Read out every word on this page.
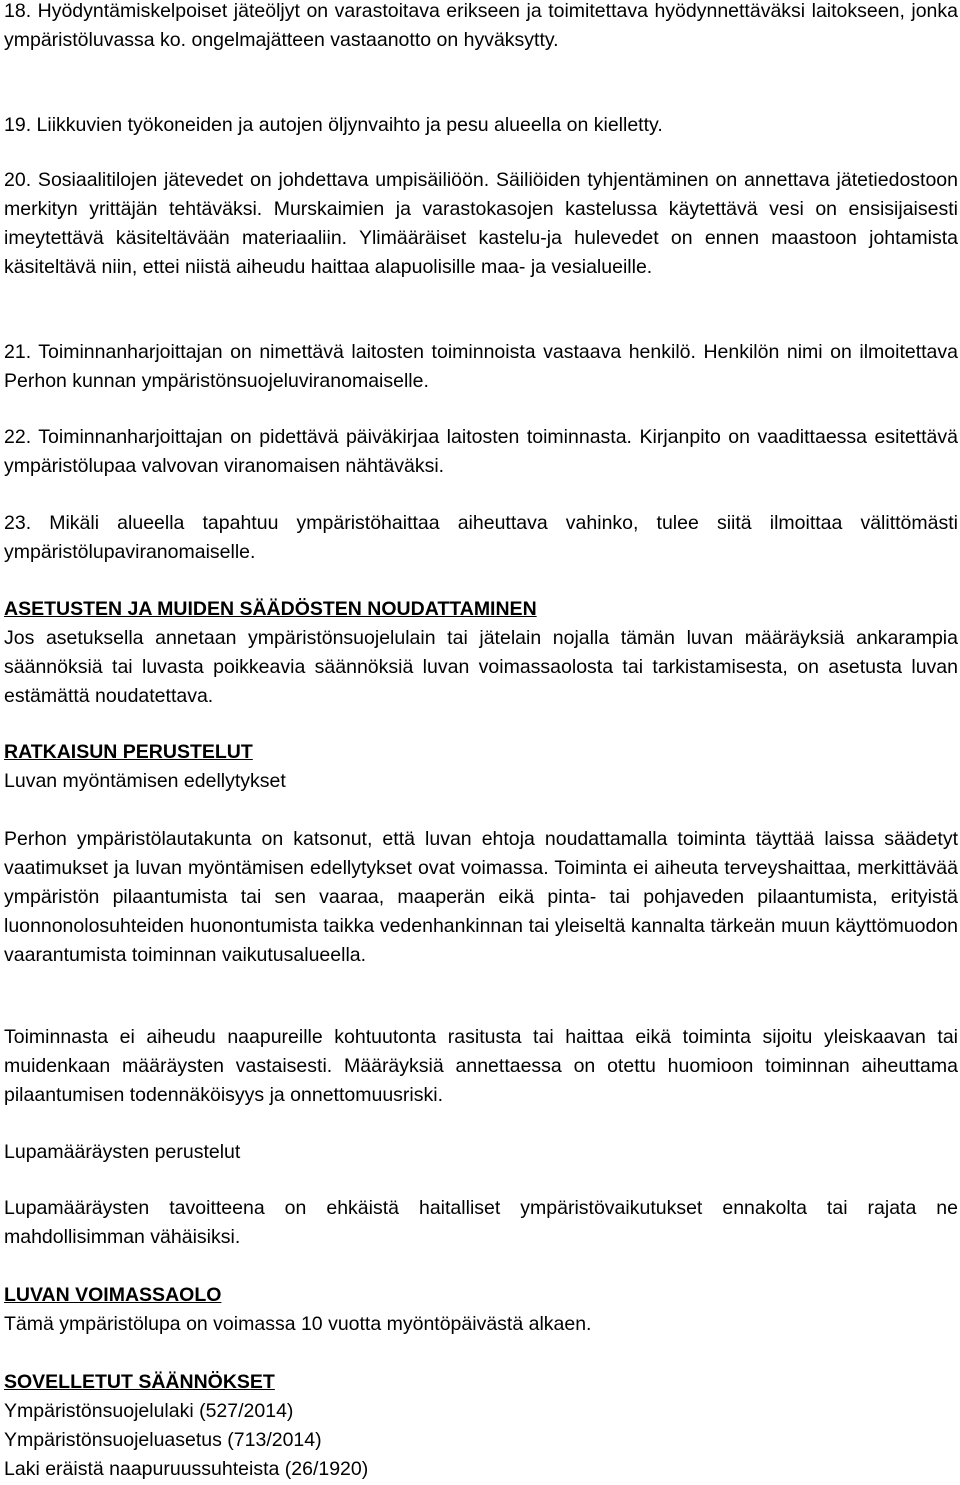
18. Hyödyntämiskelpoiset jäteöljyt on varastoitava erikseen ja toimitettava hyödynnettäväksi laitokseen, jonka ympäristöluvassa ko. ongelmajätteen vastaanotto on hyväksytty.

19. Liikkuvien työkoneiden ja autojen öljynvaihto ja pesu alueella on kielletty.

20. Sosiaalitilojen jätevedet on johdettava umpisäiliöön. Säiliöiden tyhjentäminen on annettava jätetiedostoon merkityn yrittäjän tehtäväksi. Murskaimien ja varastokasojen kastelussa käytettävä vesi on ensisijaisesti imeytettävä käsiteltävään materiaaliin. Ylimääräiset kastelu-ja hulevedet on ennen maastoon johtamista käsiteltävä niin, ettei niistä aiheudu haittaa alapuolisille maa- ja vesialueille.

21. Toiminnanharjoittajan on nimettävä laitosten toiminnoista vastaava henkilö. Henkilön nimi on ilmoitettava Perhon kunnan ympäristönsuojeluviranomaiselle.

22. Toiminnanharjoittajan on pidettävä päiväkirjaa laitosten toiminnasta. Kirjanpito on vaadittaessa esitettävä ympäristölupaa valvovan viranomaisen nähtäväksi.

23. Mikäli alueella tapahtuu ympäristöhaittaa aiheuttava vahinko, tulee siitä ilmoittaa välittömästi ympäristölupaviranomaiselle.

ASETUSTEN JA MUIDEN SÄÄDÖSTEN NOUDATTAMINEN

Jos asetuksella annetaan ympäristönsuojelulain tai jätelain nojalla tämän luvan määräyksiä ankarampia säännöksiä tai luvasta poikkeavia säännöksiä luvan voimassaolosta tai tarkistamisesta, on asetusta luvan estämättä noudatettava.

RATKAISUN PERUSTELUT

Luvan myöntämisen edellytykset

Perhon ympäristölautakunta on katsonut, että luvan ehtoja noudattamalla toiminta täyttää laissa säädetyt vaatimukset ja luvan myöntämisen edellytykset ovat voimassa. Toiminta ei aiheuta terveyshaittaa, merkittävää ympäristön pilaantumista tai sen vaaraa, maaperän eikä pinta- tai pohjaveden pilaantumista, erityistä luonnonolosuhteiden huonontumista taikka vedenhankinnan tai yleiseltä kannalta tärkeän muun käyttömuodon vaarantumista toiminnan vaikutusalueella.

Toiminnasta ei aiheudu naapureille kohtuutonta rasitusta tai haittaa eikä toiminta sijoitu yleiskaavan tai muidenkaan määräysten vastaisesti. Määräyksiä annettaessa on otettu huomioon toiminnan aiheuttama pilaantumisen todennäköisyys ja onnettomuusriski.

Lupamääräysten perustelut

Lupamääräysten tavoitteena on ehkäistä haitalliset ympäristövaikutukset ennakolta tai rajata ne mahdollisimman vähäisiksi.

LUVAN VOIMASSAOLO

Tämä ympäristölupa on voimassa 10 vuotta myöntöpäivästä alkaen.

SOVELLETUT SÄÄNNÖKSET

Ympäristönsuojelulaki (527/2014)

Ympäristönsuojeluasetus (713/2014)

Laki eräistä naapuruussuhteista (26/1920)
